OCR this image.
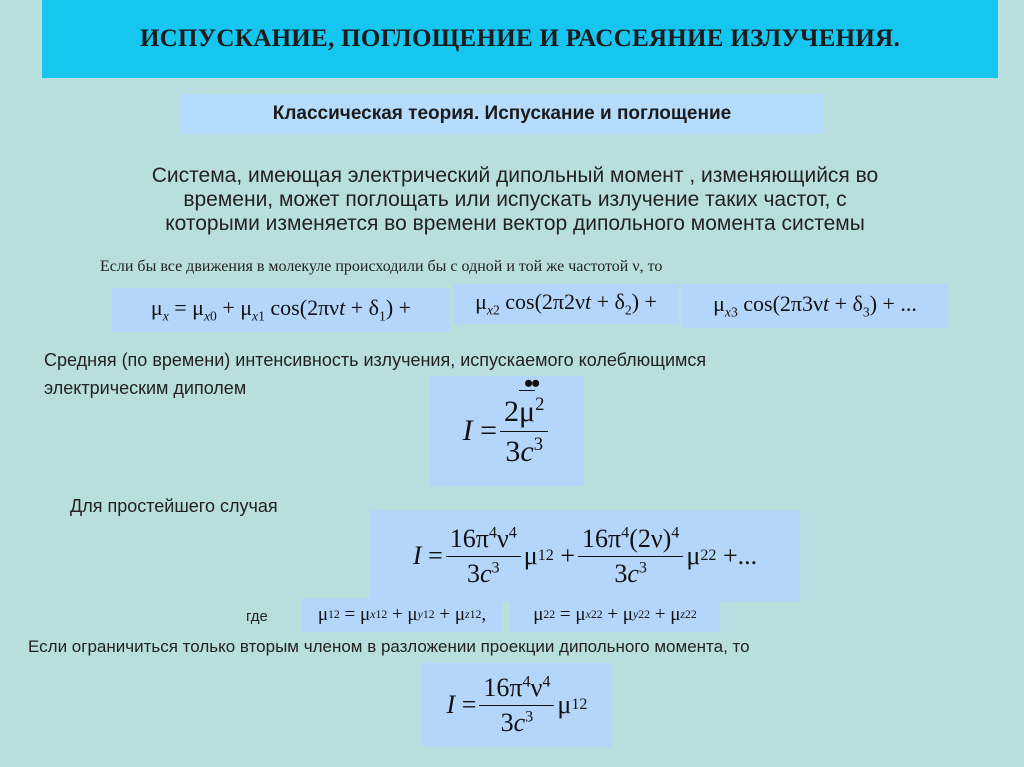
ИСПУСКАНИЕ, ПОГЛОЩЕНИЕ И РАССЕЯНИЕ ИЗЛУЧЕНИЯ.
Классическая теория. Испускание и поглощение
Система, имеющая электрический дипольный момент , изменяющийся во
времени, может поглощать или испускать излучение таких частот, с
которыми изменяется во времени вектор дипольного момента системы
Если бы все движения в молекуле происходили бы с одной и той же частотой ν, то
$\mu_x = \mu_{x0} + \mu_{x1}$ $\cos(2\pi\nu t + \delta_1)$ +	$\mu_{x2}$ $\cos(2\pi 2\nu t + \delta_2)$ +	$\mu_{x3}$ $\cos(2\pi 3\nu t + \delta_3)$ + ...
Средняя (по времени) интенсивность излучения, испускаемого колеблющимся
электрическим диполем
I = 2μ
••
$^2$
$3c^3$
Для простейшего случая
$I = \frac{16\pi^4\nu^4}{3c^3}$ μ 1 $2 + \frac{16\pi^4(2\nu)^4}{3c^3}$ μ 2 2 +...
где	μ 1 2 = μ x1 2 + μ y1 2 + μ z1 2 ,	μ 2 2 = μ x2 2 + μ y2 2 + μ z2 2
Если ограничиться только вторым членом в разложении проекции дипольного момента, то
$I = \frac{16\pi^4\nu^4}{3c^3}$ μ 1 2
